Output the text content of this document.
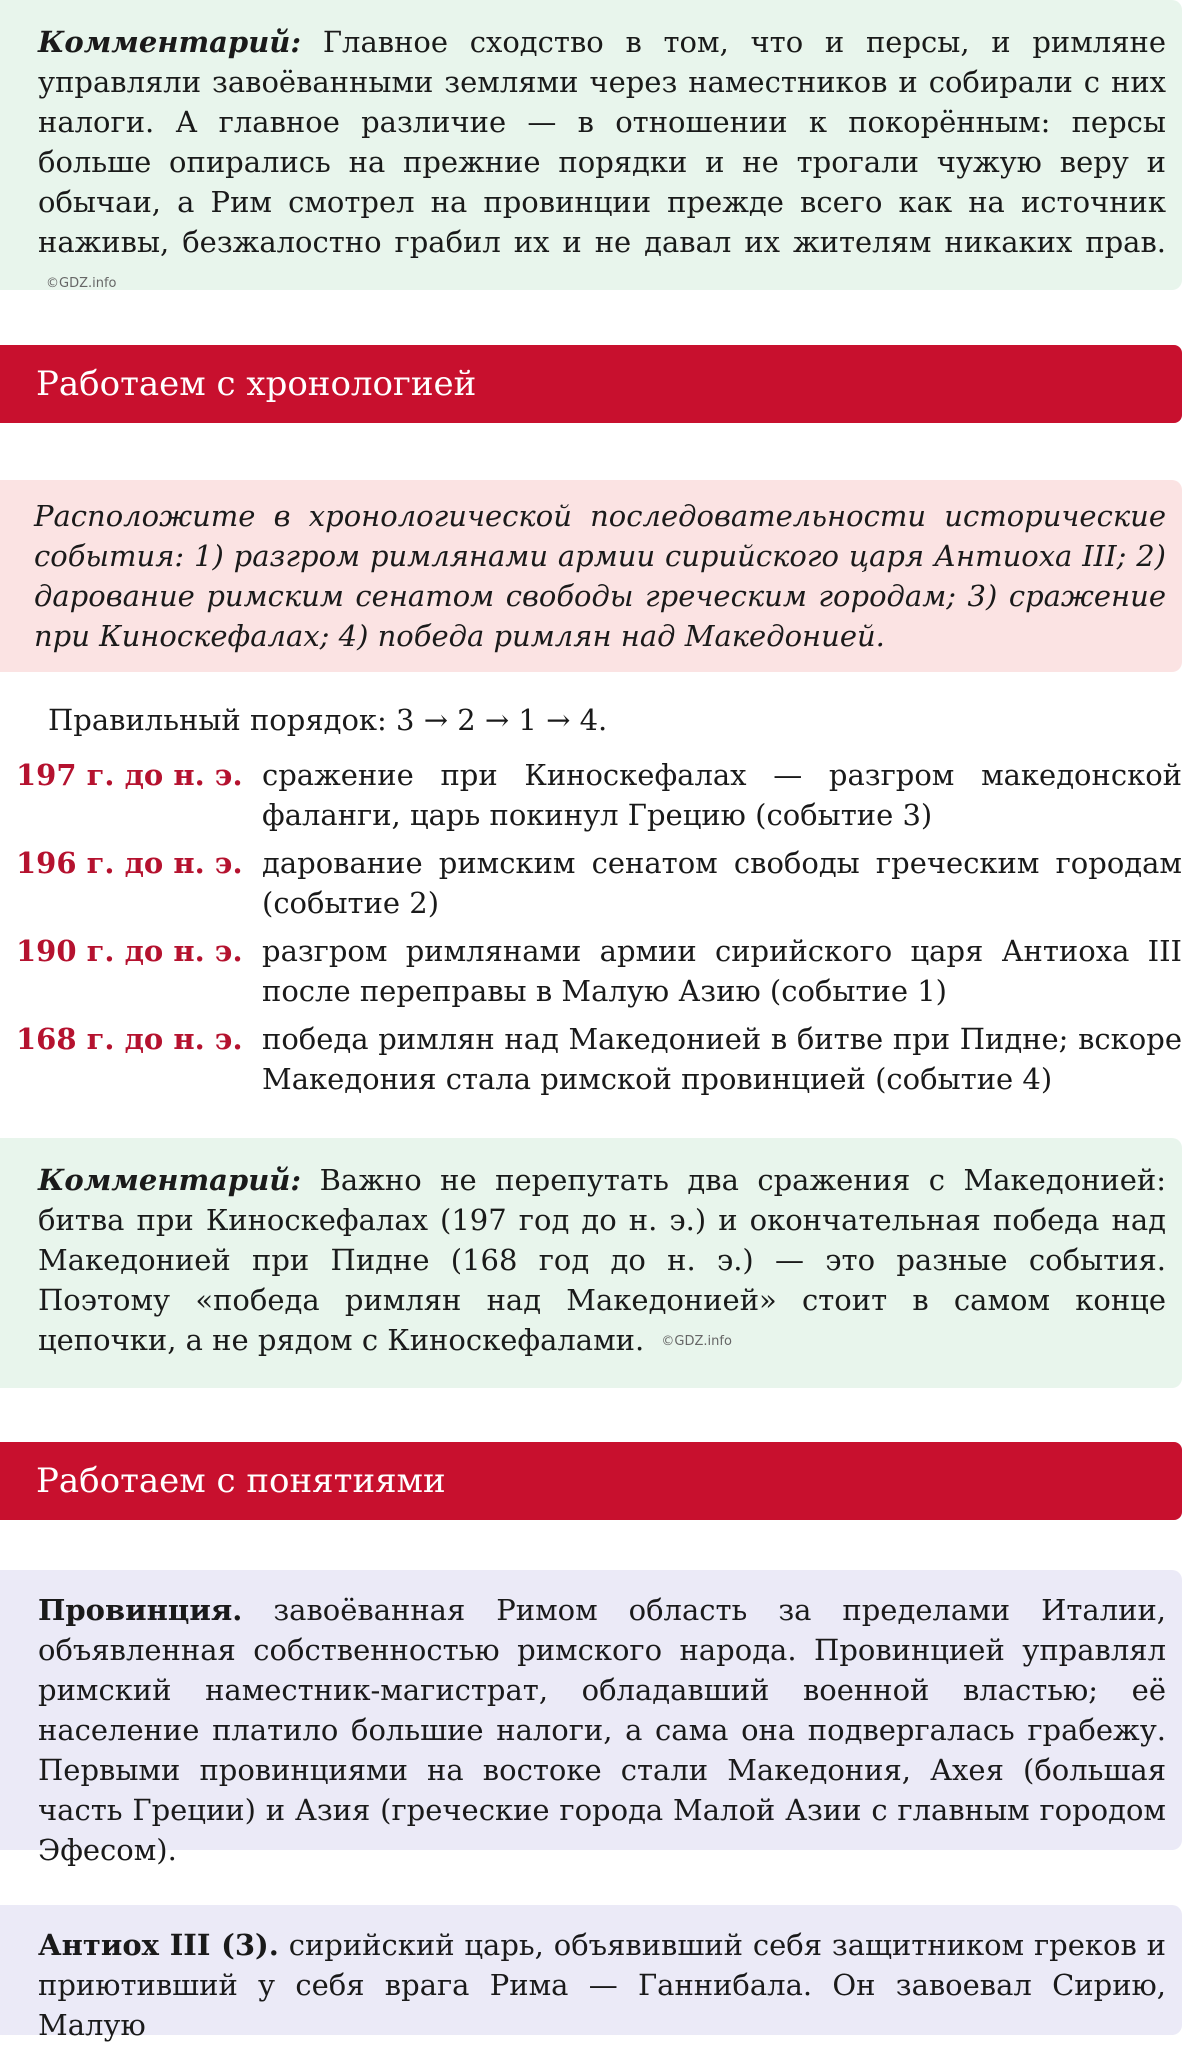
Комментарий: Главное сходство в том, что и персы, и римляне управляли завоёванными землями через наместников и собирали с них налоги. А главное различие — в отношении к покорённым: персы больше опирались на прежние порядки и не трогали чужую веру и обычаи, а Рим смотрел на провинции прежде всего как на источник наживы, безжалостно грабил их и не давал их жителям никаких прав. ©GDZ.info
Работаем с хронологией
Расположите в хронологической последовательности исторические события: 1) разгром римлянами армии сирийского царя Антиоха III; 2) дарование римским сенатом свободы греческим городам; 3) сражение при Киноскефалах; 4) победа римлян над Македонией.
Правильный порядок: 3 → 2 → 1 → 4.
197 г. до н. э. сражение при Киноскефалах — разгром македонской фаланги, царь покинул Грецию (событие 3)
196 г. до н. э. дарование римским сенатом свободы греческим городам (событие 2)
190 г. до н. э. разгром римлянами армии сирийского царя Антиоха III после переправы в Малую Азию (событие 1)
168 г. до н. э. победа римлян над Македонией в битве при Пидне; вскоре Македония стала римской провинцией (событие 4)
Комментарий: Важно не перепутать два сражения с Македонией: битва при Киноскефалах (197 год до н. э.) и окончательная победа над Македонией при Пидне (168 год до н. э.) — это разные события. Поэтому «победа римлян над Македонией» стоит в самом конце цепочки, а не рядом с Киноскефалами. ©GDZ.info
Работаем с понятиями
Провинция. завоёванная Римом область за пределами Италии, объявленная собственностью римского народа. Провинцией управлял римский наместник-магистрат, обладавший военной властью; её население платило большие налоги, а сама она подвергалась грабежу. Первыми провинциями на востоке стали Македония, Ахея (большая часть Греции) и Азия (греческие города Малой Азии с главным городом Эфесом).
Антиох III (3). сирийский царь, объявивший себя защитником греков и приютивший у себя врага Рима — Ганнибала. Он завоевал Сирию, Малую
